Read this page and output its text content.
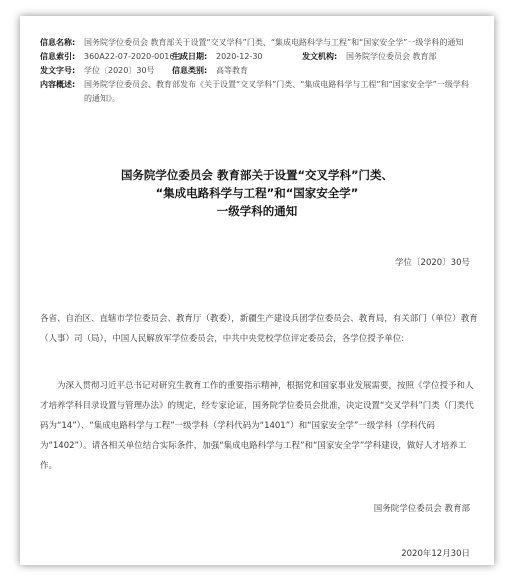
信息名称:	国务院学位委员会 教育部关于设置“交叉学科”门类、“集成电路科学与工程”和“国家安全学”一级学科的通知
信息索引:	360A22-07-2020-0016-1
生成日期:	2020-12-30	发文机构:	国务院学位委员会 教育部
发文字号:	学位〔2020〕30号	信息类别:	高等教育
内容概述:	国务院学位委员会、教育部发布《关于设置“交叉学科”门类、“集成电路科学与工程”和“国家安全学”一级学科的通知》。
国务院学位委员会 教育部关于设置“交叉学科”门类、
“集成电路科学与工程”和“国家安全学”
一级学科的通知
学位〔2020〕30号
各省、自治区、直辖市学位委员会、教育厅（教委），新疆生产建设兵团学位委员会、教育局，有关部门（单位）教育（人事）司（局），中国人民解放军学位委员会，中共中央党校学位评定委员会，各学位授予单位:
为深入贯彻习近平总书记对研究生教育工作的重要指示精神，根据党和国家事业发展需要，按照《学位授予和人才培养学科目录设置与管理办法》的规定，经专家论证，国务院学位委员会批准，决定设置“交叉学科”门类（门类代码为“14”）、“集成电路科学与工程”一级学科（学科代码为“1401”）和“国家安全学”一级学科（学科代码为“1402”）。请各相关单位结合实际条件，加强“集成电路科学与工程”和“国家安全学”学科建设，做好人才培养工作。
国务院学位委员会 教育部
2020年12月30日
